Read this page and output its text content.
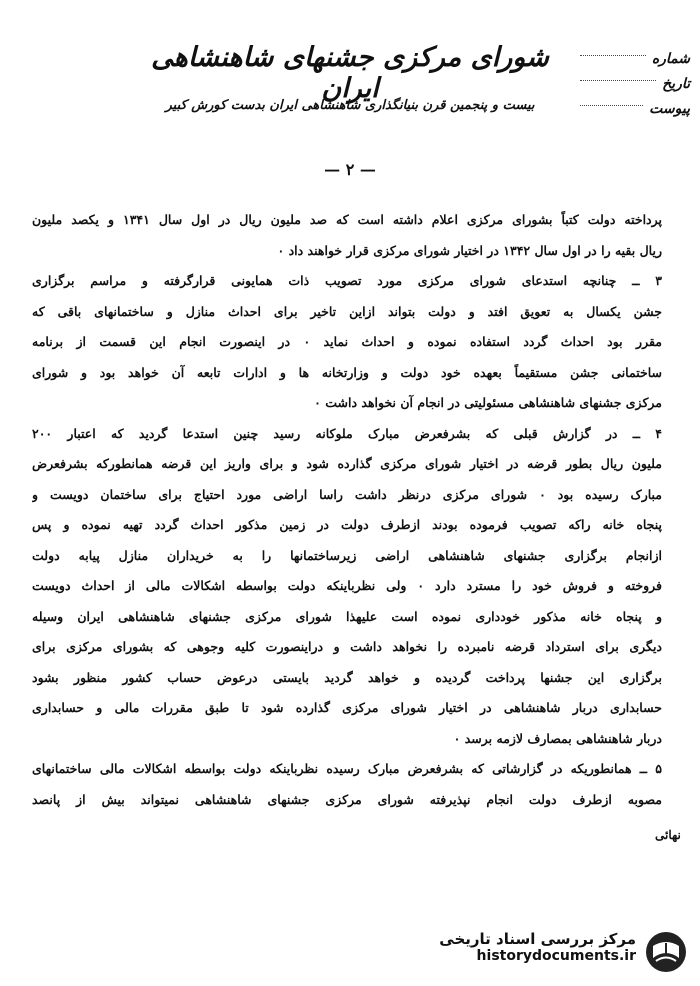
شورای مرکزی جشنهای شاهنشاهی ایران
بیست و پنجمین قرن بنیانگذاری شاهنشاهی ایران بدست کورش کبیر
شماره
تاریخ
پیوست
— ۲ —
پرداخته دولت کتباً بشورای مرکزی اعلام داشته است که صد ملیون ریال در اول سال ۱۳۴۱ و یکصد ملیون
ریال بقیه را در اول سال ۱۳۴۲ در اختیار شورای مرکزی قرار خواهند داد ٠
۳ ــ چنانچه استدعای شورای مرکزی مورد تصویب ذات همایونی قرارگرفته و مراسم برگزاری
جشن یکسال به تعویق افتد و دولت بتواند ازاین تاخیر برای احداث منازل و ساختمانهای باقی که
مقرر بود احداث گردد استفاده نموده و احداث نماید ٠ در اینصورت انجام این قسمت از برنامه
ساختمانی جشن مستقیماً بعهده خود دولت و وزارتخانه ها و ادارات تابعه آن خواهد بود و شورای
مرکزی جشنهای شاهنشاهی مسئولیتی در انجام آن نخواهد داشت ٠
۴ ــ در گزارش قبلی که بشرفعرض مبارک ملوکانه رسید چنین استدعا گردید که اعتبار ۲۰۰
ملیون ریال بطور قرضه در اختیار شورای مرکزی گذارده شود و برای واریز این قرضه همانطورکه بشرفعرض
مبارک رسیده بود ٠ شورای مرکزی درنظر داشت راسا اراضی مورد احتیاج برای ساختمان دویست و
پنجاه خانه راکه تصویب فرموده بودند ازطرف دولت در زمین مذکور احداث گردد تهیه نموده و پس
ازانجام برگزاری جشنهای شاهنشاهی اراضی زیرساختمانها را به خریداران منازل پیابه دولت
فروخته و فروش خود را مسترد دارد ٠ ولی نظرباینکه دولت بواسطه اشکالات مالی از احداث دویست
و پنجاه خانه مذکور خودداری نموده است علیهذا شورای مرکزی جشنهای شاهنشاهی ایران وسیله
دیگری برای استرداد قرضه نامبرده را نخواهد داشت و دراینصورت کلیه وجوهی که بشورای مرکزی برای
برگزاری این جشنها پرداخت گردیده و خواهد گردید بایستی درعوض حساب کشور منظور بشود
حسابداری دربار شاهنشاهی در اختیار شورای مرکزی گذارده شود تا طبق مقررات مالی و حسابداری
دربار شاهنشاهی بمصارف لازمه برسد ٠
۵ ــ همانطوریکه در گزارشاتی که بشرفعرض مبارک رسیده نظرباینکه دولت بواسطه اشکالات مالی ساختمانهای
مصوبه ازطرف دولت انجام نپذیرفته شورای مرکزی جشنهای شاهنشاهی نمیتواند بیش از پانصد
نهائی
مرکز بررسی اسناد تاریخی
historydocuments.ir
